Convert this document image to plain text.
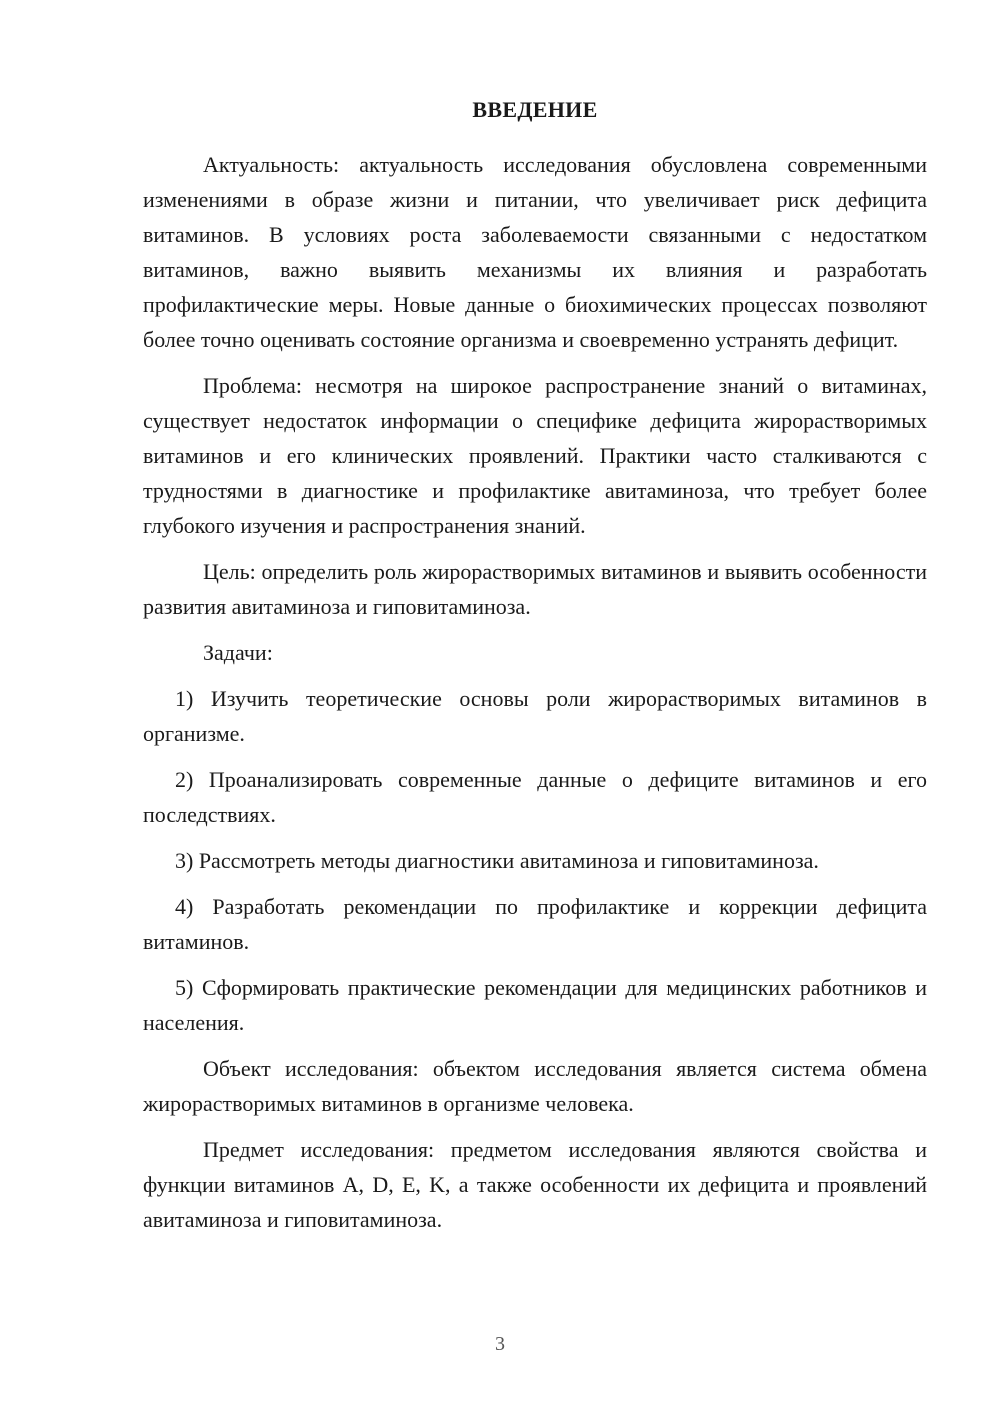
ВВЕДЕНИЕ

Актуальность: актуальность исследования обусловлена современными изменениями в образе жизни и питании, что увеличивает риск дефицита витаминов. В условиях роста заболеваемости связанными с недостатком витаминов, важно выявить механизмы их влияния и разработать профилактические меры. Новые данные о биохимических процессах позволяют более точно оценивать состояние организма и своевременно устранять дефицит.

Проблема: несмотря на широкое распространение знаний о витаминах, существует недостаток информации о специфике дефицита жирорастворимых витаминов и его клинических проявлений. Практики часто сталкиваются с трудностями в диагностике и профилактике авитаминоза, что требует более глубокого изучения и распространения знаний.

Цель: определить роль жирорастворимых витаминов и выявить особенности развития авитаминоза и гиповитаминоза.

Задачи:

1) Изучить теоретические основы роли жирорастворимых витаминов в организме.

2) Проанализировать современные данные о дефиците витаминов и его последствиях.

3) Рассмотреть методы диагностики авитаминоза и гиповитаминоза.

4) Разработать рекомендации по профилактике и коррекции дефицита витаминов.

5) Сформировать практические рекомендации для медицинских работников и населения.

Объект исследования: объектом исследования является система обмена жирорастворимых витаминов в организме человека.

Предмет исследования: предметом исследования являются свойства и функции витаминов A, D, E, K, а также особенности их дефицита и проявлений авитаминоза и гиповитаминоза.

3
